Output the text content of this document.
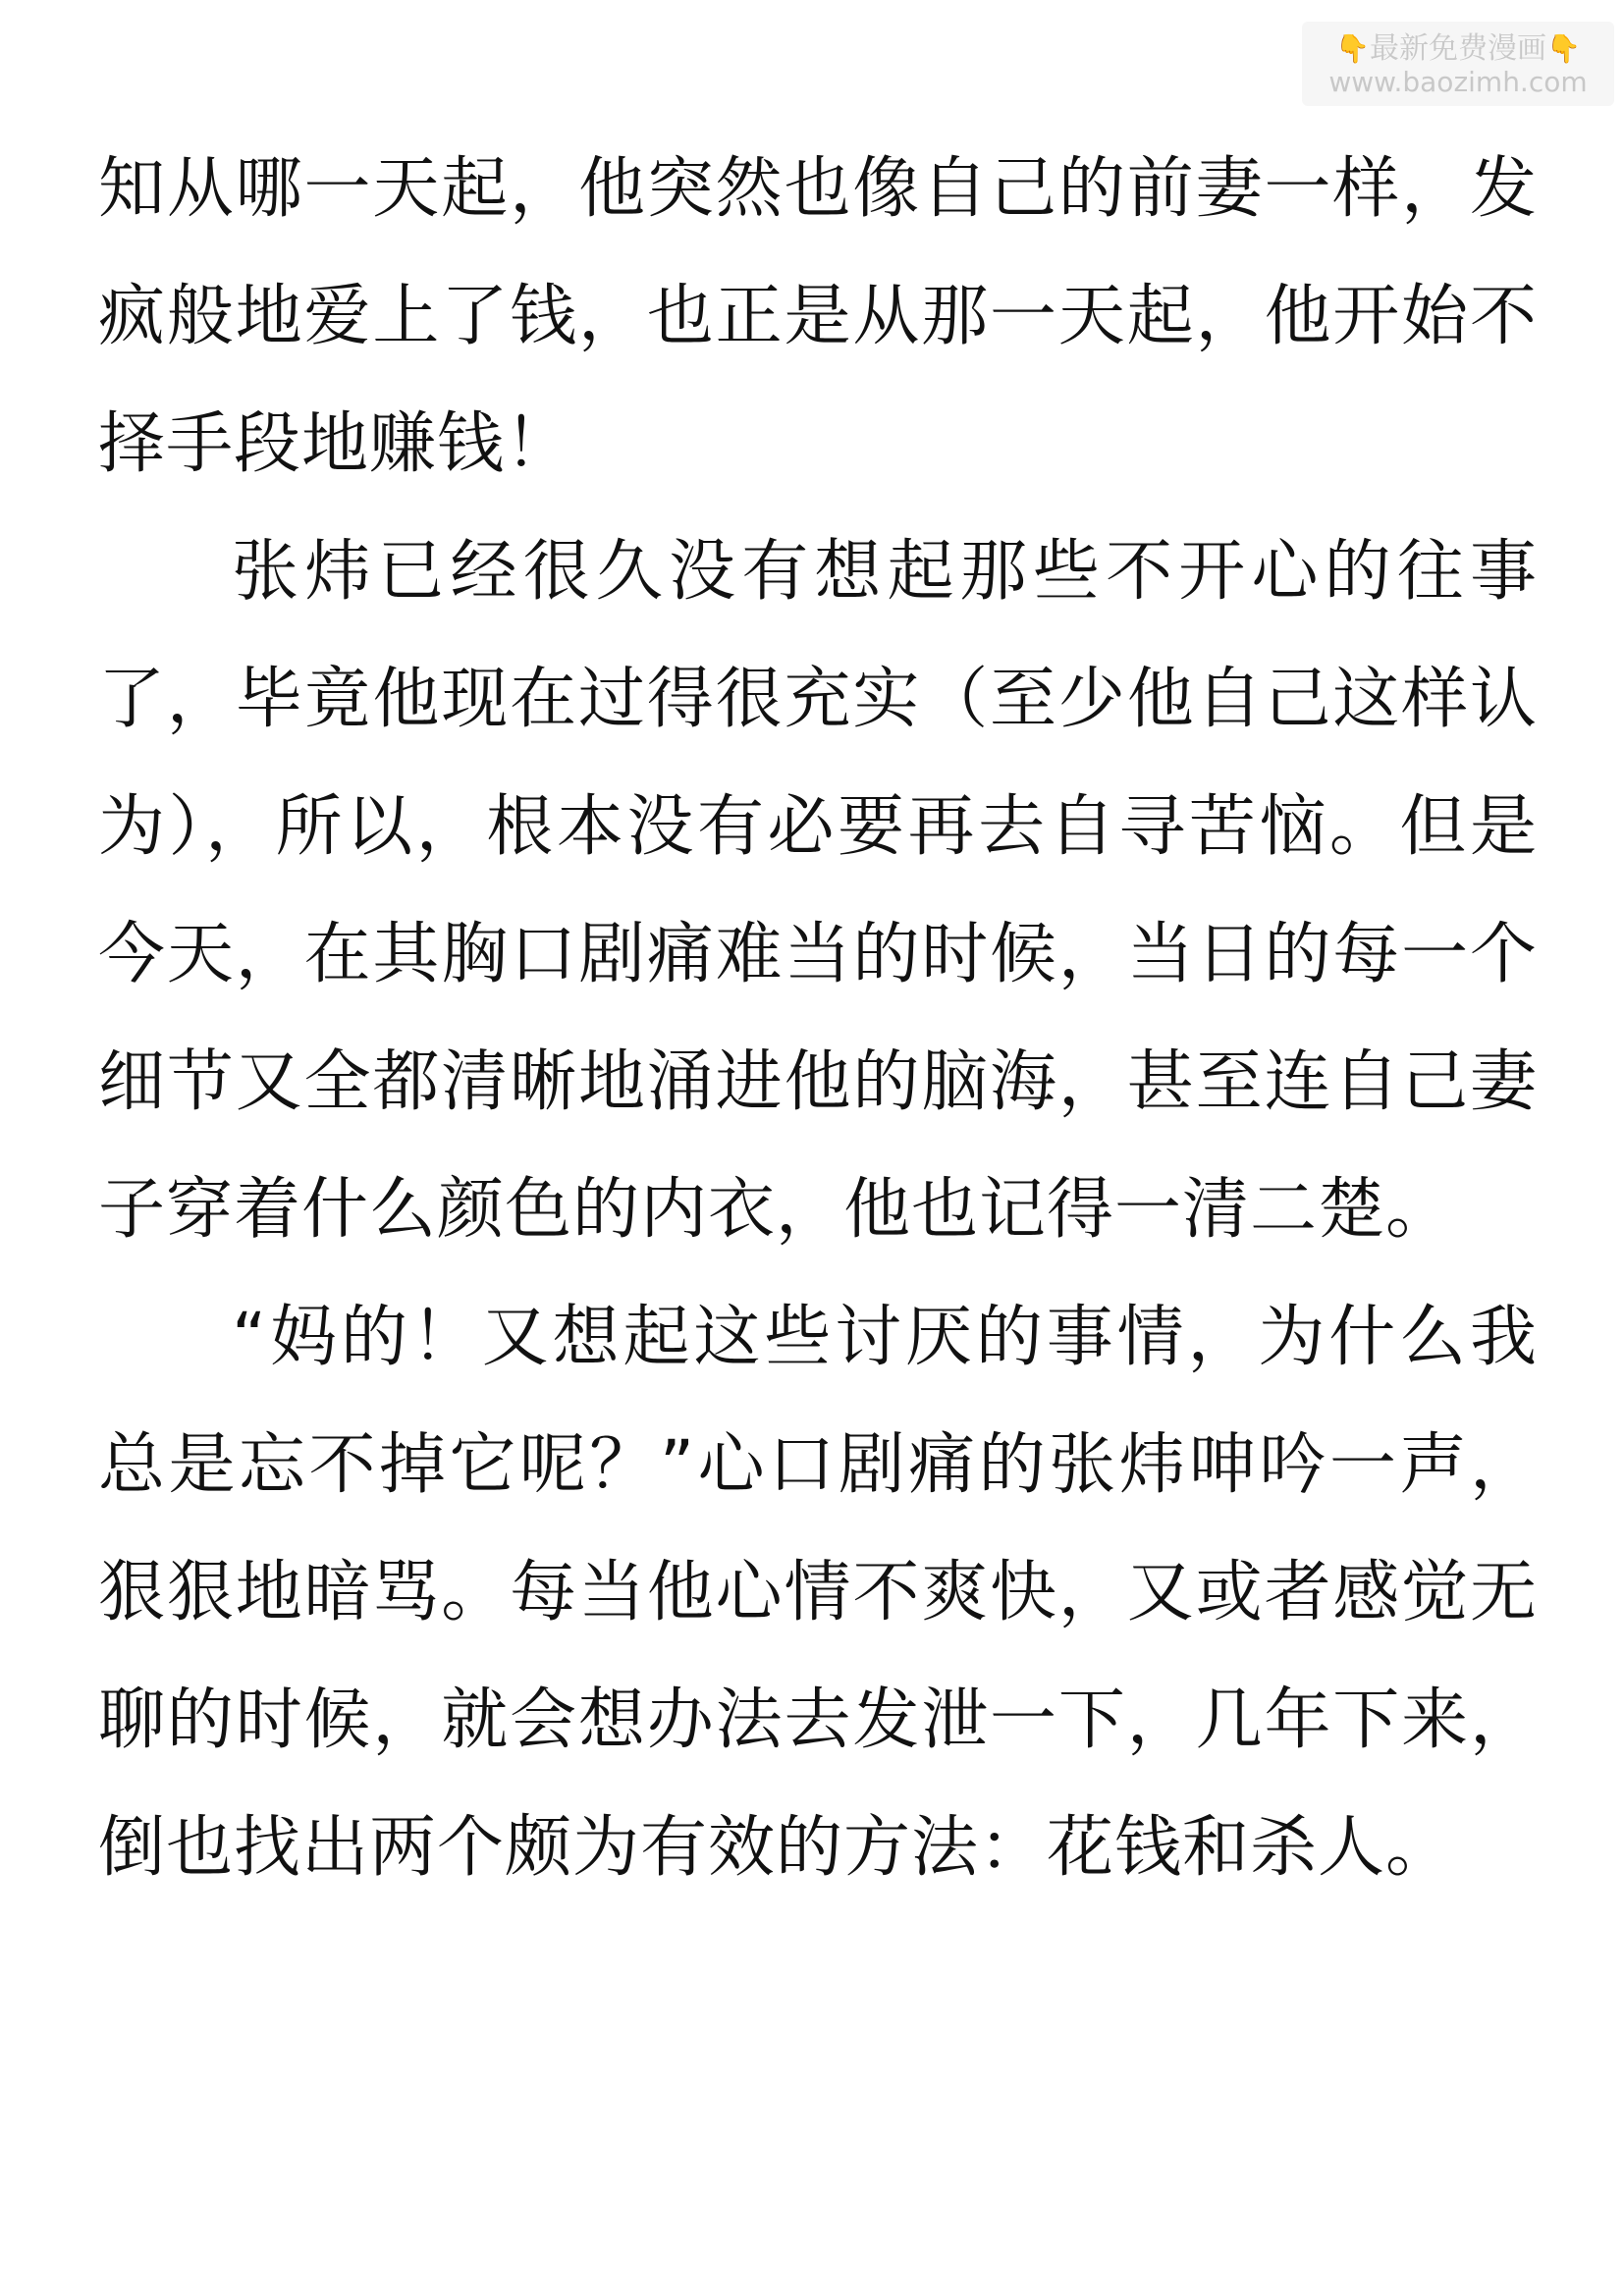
👇最新免费漫画👇
www.baozimh.com

知从哪一天起，他突然也像自己的前妻一样，发疯般地爱上了钱，也正是从那一天起，他开始不择手段地赚钱！

张炜已经很久没有想起那些不开心的往事了，毕竟他现在过得很充实（至少他自己这样认为），所以，根本没有必要再去自寻苦恼。但是今天，在其胸口剧痛难当的时候，当日的每一个细节又全都清晰地涌进他的脑海，甚至连自己妻子穿着什么颜色的内衣，他也记得一清二楚。

“妈的！又想起这些讨厌的事情，为什么我总是忘不掉它呢？”心口剧痛的张炜呻吟一声，狠狠地暗骂。每当他心情不爽快，又或者感觉无聊的时候，就会想办法去发泄一下，几年下来，倒也找出两个颇为有效的方法：花钱和杀人。
